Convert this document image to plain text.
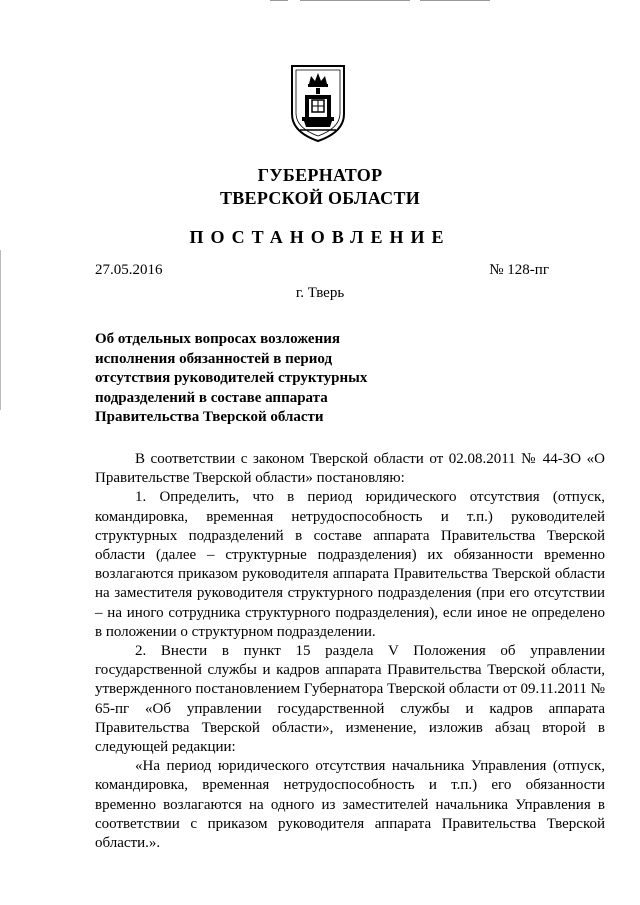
ГУБЕРНАТОР
ТВЕРСКОЙ ОБЛАСТИ
ПОСТАНОВЛЕНИЕ
27.05.2016	№ 128-пг
г. Тверь
Об отдельных вопросах возложения исполнения обязанностей в период отсутствия руководителей структурных подразделений в составе аппарата Правительства Тверской области

В соответствии с законом Тверской области от 02.08.2011 № 44-ЗО «О Правительстве Тверской области» постановляю:

1. Определить, что в период юридического отсутствия (отпуск, командировка, временная нетрудоспособность и т.п.) руководителей структурных подразделений в составе аппарата Правительства Тверской области (далее – структурные подразделения) их обязанности временно возлагаются приказом руководителя аппарата Правительства Тверской области на заместителя руководителя структурного подразделения (при его отсутствии – на иного сотрудника структурного подразделения), если иное не определено в положении о структурном подразделении.

2. Внести в пункт 15 раздела V Положения об управлении государственной службы и кадров аппарата Правительства Тверской области, утвержденного постановлением Губернатора Тверской области от 09.11.2011 № 65-пг «Об управлении государственной службы и кадров аппарата Правительства Тверской области», изменение, изложив абзац второй в следующей редакции:

«На период юридического отсутствия начальника Управления (отпуск, командировка, временная нетрудоспособность и т.п.) его обязанности временно возлагаются на одного из заместителей начальника Управления в соответствии с приказом руководителя аппарата Правительства Тверской области.».
